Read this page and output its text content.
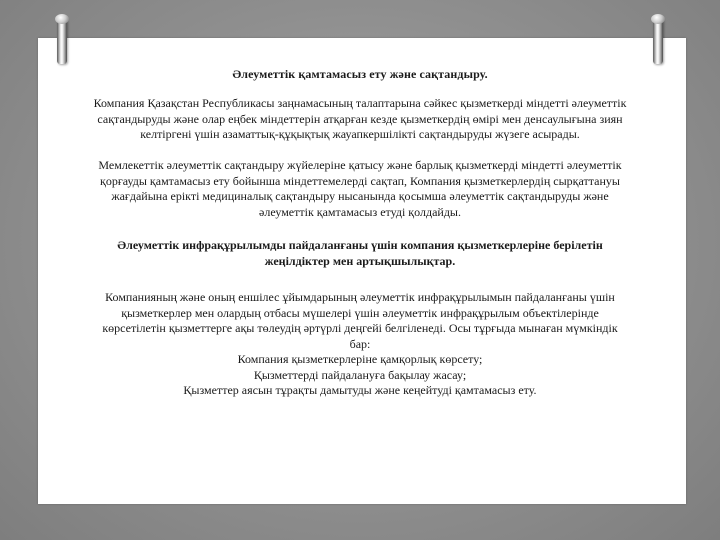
Әлеуметтік қамтамасыз ету және сақтандыру.

Компания Қазақстан Республикасы заңнамасының талаптарына сәйкес қызметкерді міндетті әлеуметтік сақтандыруды және олар еңбек міндеттерін атқарған кезде қызметкердің өмірі мен денсаулығына зиян келтіргені үшін азаматтық-құқықтық жауапкершілікті сақтандыруды жүзеге асырады.

Мемлекеттік әлеуметтік сақтандыру жүйелеріне қатысу және барлық қызметкерді міндетті әлеуметтік қорғауды қамтамасыз ету бойынша міндеттемелерді сақтап, Компания қызметкерлердің сырқаттануы жағдайына ерікті медициналық сақтандыру нысанында қосымша әлеуметтік сақтандыруды және әлеуметтік қамтамасыз етуді қолдайды.

Әлеуметтік инфрақұрылымды пайдаланғаны үшін компания қызметкерлеріне берілетін жеңілдіктер мен артықшылықтар.

Компанияның және оның еншілес ұйымдарының әлеуметтік инфрақұрылымын пайдаланғаны үшін қызметкерлер мен олардың отбасы мүшелері үшін әлеуметтік инфрақұрылым объектілерінде көрсетілетін қызметтерге ақы төлеудің әртүрлі деңгейі белгіленеді. Осы тұрғыда мынаған мүмкіндік бар:

Компания қызметкерлеріне қамқорлық көрсету;
Қызметтерді пайдалануға бақылау жасау;
Қызметтер аясын тұрақты дамытуды және кеңейтуді қамтамасыз ету.
